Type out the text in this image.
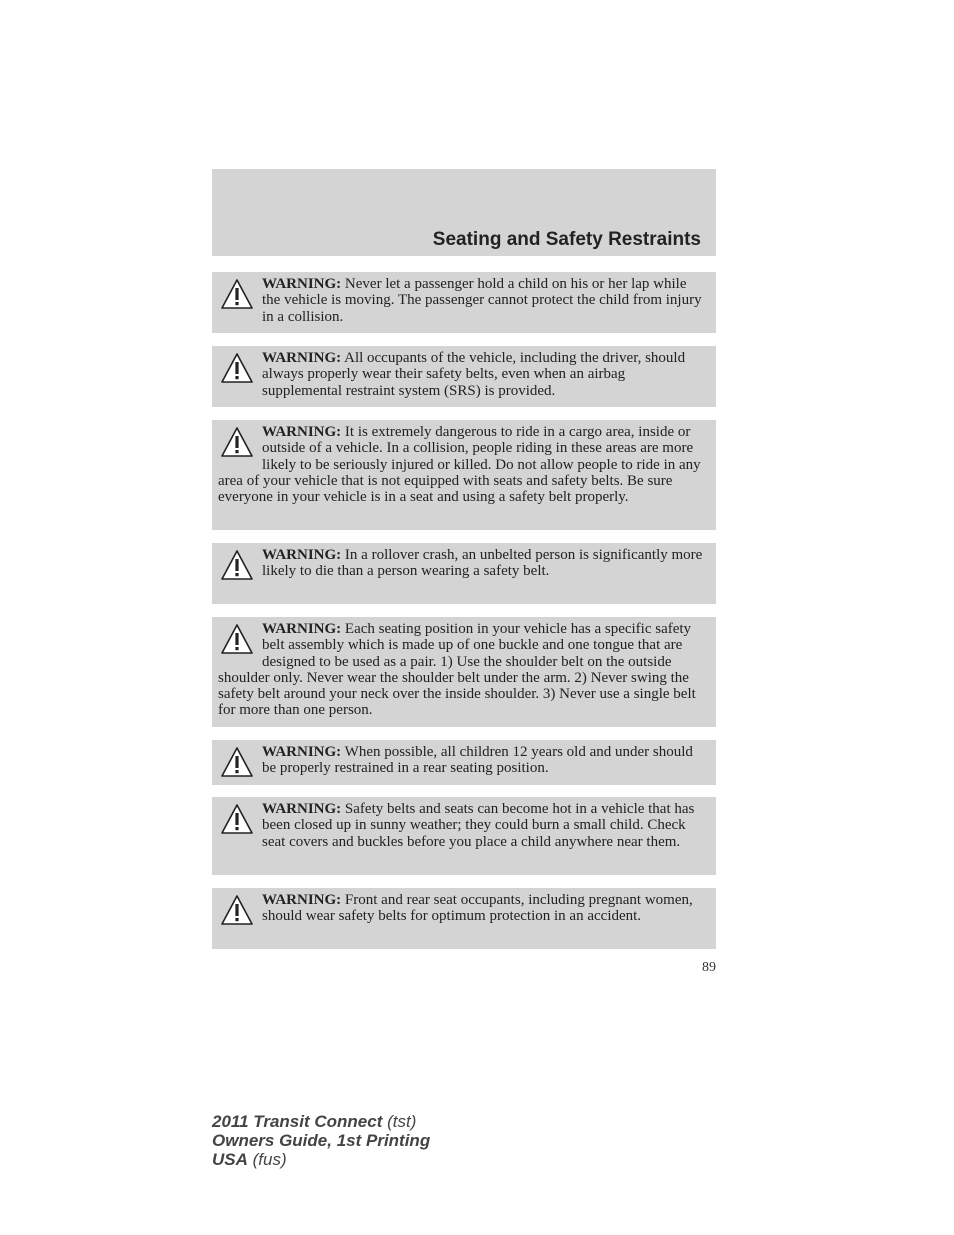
Seating and Safety Restraints
WARNING: Never let a passenger hold a child on his or her lap while the vehicle is moving. The passenger cannot protect the child from injury in a collision.
WARNING: All occupants of the vehicle, including the driver, should always properly wear their safety belts, even when an airbag supplemental restraint system (SRS) is provided.
WARNING: It is extremely dangerous to ride in a cargo area, inside or outside of a vehicle. In a collision, people riding in these areas are more likely to be seriously injured or killed. Do not allow people to ride in any area of your vehicle that is not equipped with seats and safety belts. Be sure everyone in your vehicle is in a seat and using a safety belt properly.
WARNING: In a rollover crash, an unbelted person is significantly more likely to die than a person wearing a safety belt.
WARNING: Each seating position in your vehicle has a specific safety belt assembly which is made up of one buckle and one tongue that are designed to be used as a pair. 1) Use the shoulder belt on the outside shoulder only. Never wear the shoulder belt under the arm. 2) Never swing the safety belt around your neck over the inside shoulder. 3) Never use a single belt for more than one person.
WARNING: When possible, all children 12 years old and under should be properly restrained in a rear seating position.
WARNING: Safety belts and seats can become hot in a vehicle that has been closed up in sunny weather; they could burn a small child. Check seat covers and buckles before you place a child anywhere near them.
WARNING: Front and rear seat occupants, including pregnant women, should wear safety belts for optimum protection in an accident.
89
2011 Transit Connect (tst)
Owners Guide, 1st Printing
USA (fus)
